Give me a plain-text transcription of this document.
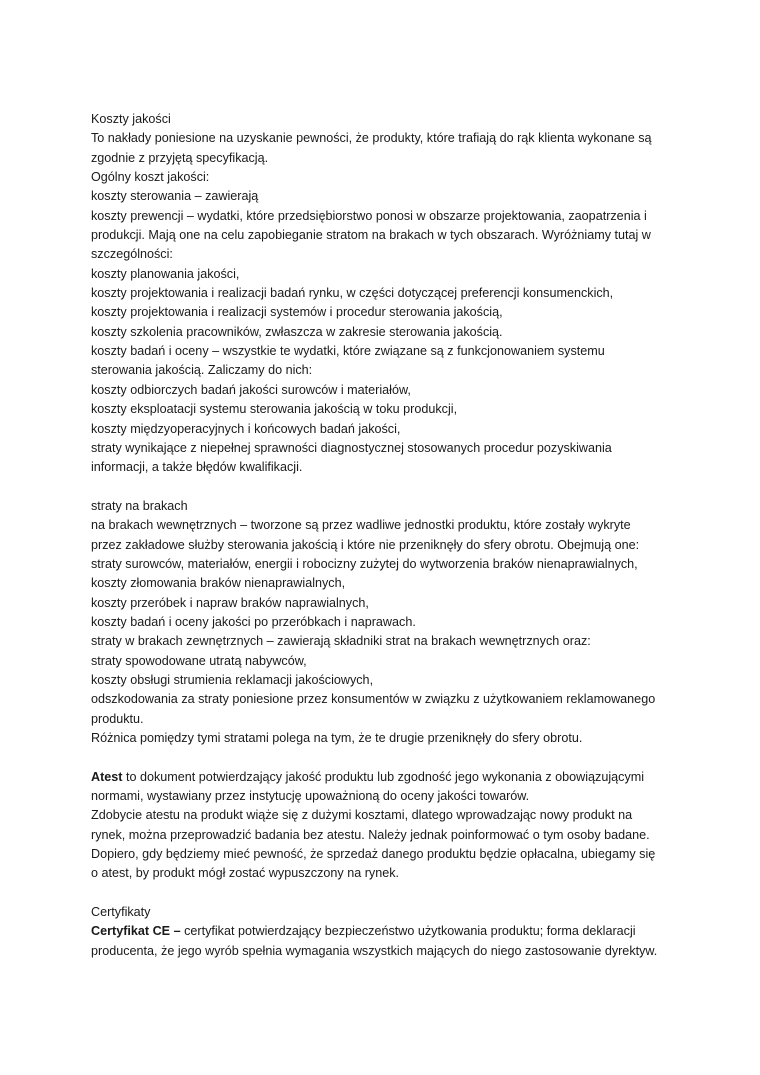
Koszty jakości
To nakłady poniesione na uzyskanie pewności, że produkty, które trafiają do rąk klienta wykonane są
zgodnie z przyjętą specyfikacją.
Ogólny koszt jakości:
koszty sterowania – zawierają
koszty prewencji – wydatki, które przedsiębiorstwo ponosi w obszarze projektowania, zaopatrzenia i
produkcji. Mają one na celu zapobieganie stratom na brakach w tych obszarach. Wyróżniamy tutaj w
szczególności:
koszty planowania jakości,
koszty projektowania i realizacji badań rynku, w części dotyczącej preferencji konsumenckich,
koszty projektowania i realizacji systemów i procedur sterowania jakością,
koszty szkolenia pracowników, zwłaszcza w zakresie sterowania jakością.
koszty badań i oceny – wszystkie te wydatki, które związane są z funkcjonowaniem systemu
sterowania jakością. Zaliczamy do nich:
koszty odbiorczych badań jakości surowców i materiałów,
koszty eksploatacji systemu sterowania jakością w toku produkcji,
koszty międzyoperacyjnych i końcowych badań jakości,
straty wynikające z niepełnej sprawności diagnostycznej stosowanych procedur pozyskiwania
informacji, a także błędów kwalifikacji.
straty na brakach
na brakach wewnętrznych – tworzone są przez wadliwe jednostki produktu, które zostały wykryte
przez zakładowe służby sterowania jakością i które nie przeniknęły do sfery obrotu. Obejmują one:
straty surowców, materiałów, energii i robocizny zużytej do wytworzenia braków nienaprawialnych,
koszty złomowania braków nienaprawialnych,
koszty przeróbek i napraw braków naprawialnych,
koszty badań i oceny jakości po przeróbkach i naprawach.
straty w brakach zewnętrznych – zawierają składniki strat na brakach wewnętrznych oraz:
straty spowodowane utratą nabywców,
koszty obsługi strumienia reklamacji jakościowych,
odszkodowania za straty poniesione przez konsumentów w związku z użytkowaniem reklamowanego
produktu.
Różnica pomiędzy tymi stratami polega na tym, że te drugie przeniknęły do sfery obrotu.
Atest to dokument potwierdzający jakość produktu lub zgodność jego wykonania z obowiązującymi
normami, wystawiany przez instytucję upoważnioną do oceny jakości towarów.
Zdobycie atestu na produkt wiąże się z dużymi kosztami, dlatego wprowadzając nowy produkt na
rynek, można przeprowadzić badania bez atestu. Należy jednak poinformować o tym osoby badane.
Dopiero, gdy będziemy mieć pewność, że sprzedaż danego produktu będzie opłacalna, ubiegamy się
o atest, by produkt mógł zostać wypuszczony na rynek.
Certyfikaty
Certyfikat CE – certyfikat potwierdzający bezpieczeństwo użytkowania produktu; forma deklaracji
producenta, że jego wyrób spełnia wymagania wszystkich mających do niego zastosowanie dyrektyw.
